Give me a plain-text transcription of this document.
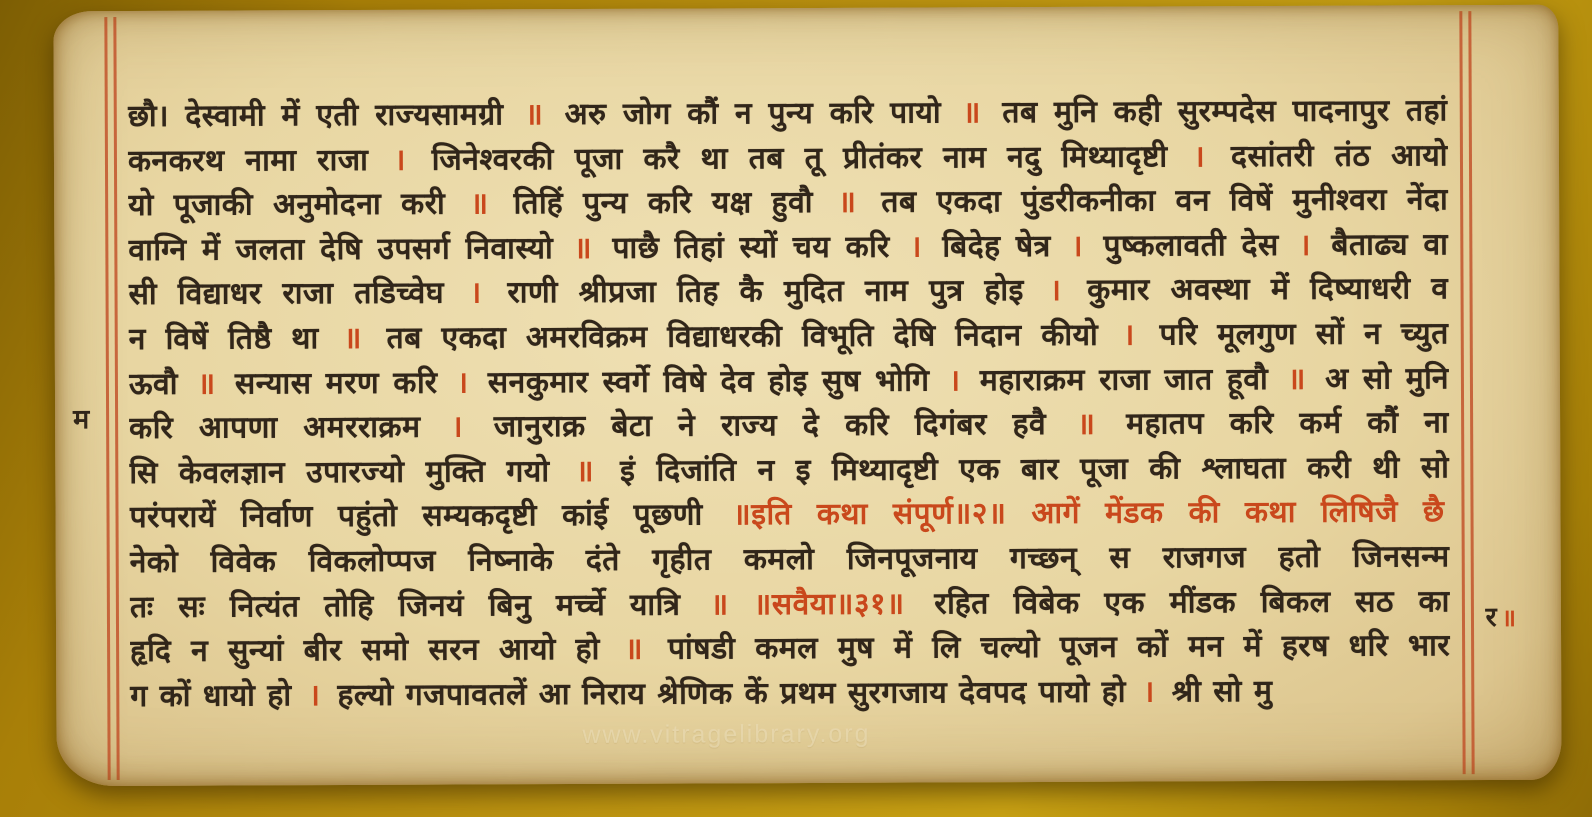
म
र ॥
छौ। देस्वामी में एती राज्यसामग्री ॥ अरु जोग कौं न पुन्य करि पायो ॥ तब मुनि कही सुरम्पदेस पादनापुर तहां
कनकरथ नामा राजा । जिनेश्वरकी पूजा करै था तब तू प्रीतंकर नाम नदु मिथ्यादृष्टी । दसांतरी तंठ आयो
यो पूजाकी अनुमोदना करी ॥ तिहिं पुन्य करि यक्ष हुवौ ॥ तब एकदा पुंडरीकनीका वन विषें मुनीश्वरा नेंदा
वाग्नि में जलता देषि उपसर्ग निवास्यो ॥ पाछै तिहां स्यों चय करि । बिदेह षेत्र । पुष्कलावती देस । बैताढ्य वा
सी विद्याधर राजा तडिच्वेघ । राणी श्रीप्रजा तिह कै मुदित नाम पुत्र होइ । कुमार अवस्था में दिष्याधरी व
न विषें तिष्ठै था ॥ तब एकदा अमरविक्रम विद्याधरकी विभूति देषि निदान कीयो । परि मूलगुण सों न च्युत
ऊवौ ॥ सन्यास मरण करि । सनकुमार स्वर्गे विषे देव होइ सुष भोगि । महाराक्रम राजा जात हूवौ ॥ अ सो मुनि
करि आपणा अमरराक्रम । जानुराक्र बेटा ने राज्य दे करि दिगंबर हवै ॥ महातप करि कर्म कौं ना
सि केवलज्ञान उपारज्यो मुक्ति गयो ॥ इं दिजांति न इ मिथ्यादृष्टी एक बार पूजा की श्लाघता करी थी सो
परंपरायें निर्वाण पहुंतो सम्यकदृष्टी कांई पूछणी ॥इति कथा संपूर्ण॥२॥ आगें मेंडक की कथा लिषिजै छै
नेको विवेक विकलोप्पज निष्नाके दंते गृहीत कमलो जिनपूजनाय गच्छन् स राजगज हतो जिनसन्म
तः सः नित्यंत तोहि जिनयं बिनु मर्च्चे यात्रि ॥ ॥सवैया॥३१॥ रहित विबेक एक मींडक बिकल सठ का
हृदि न सुन्यां बीर समो सरन आयो हो ॥ पांषडी कमल मुष में लि चल्यो पूजन कों मन में हरष धरि भार
ग कों धायो हो । हल्यो गजपावतलें आ निराय श्रेणिक कें प्रथम सुरगजाय देवपद पायो हो । श्री सो मु
www.vitragelibrary.org
